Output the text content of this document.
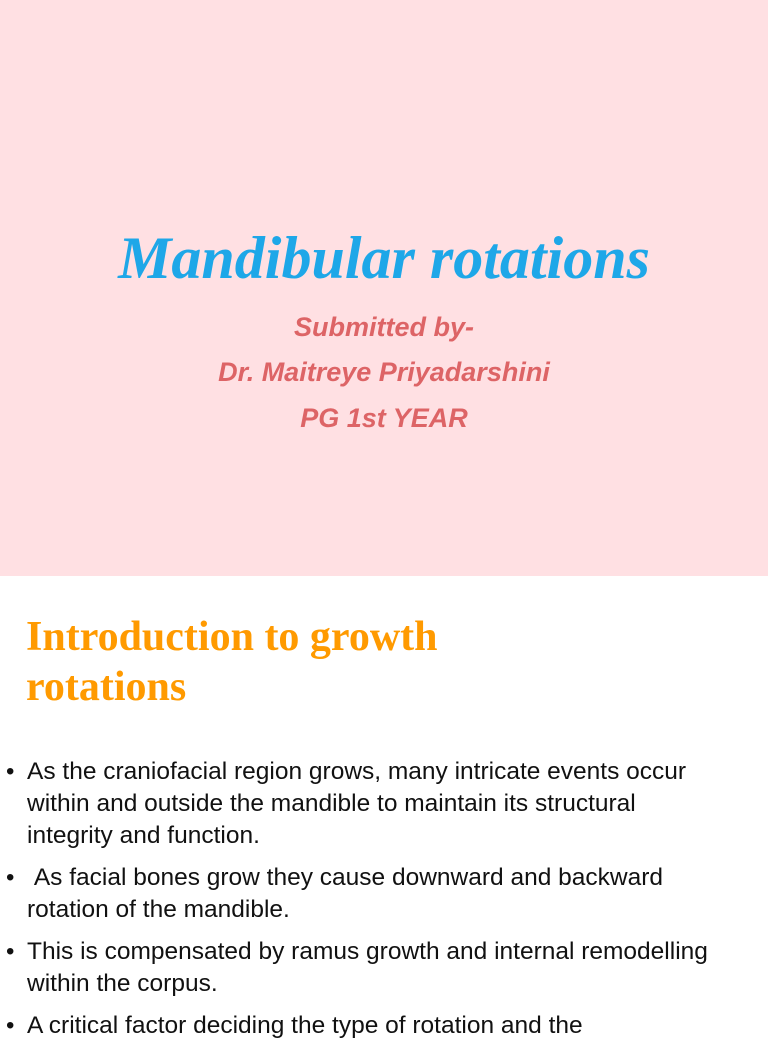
Mandibular rotations
Submitted by-
Dr. Maitreye Priyadarshini
PG 1st YEAR
Introduction to growth rotations
• As the craniofacial region grows, many intricate events occur within and outside the mandible to maintain its structural integrity and function.
• As facial bones grow they cause downward and backward rotation of the mandible.
• This is compensated by ramus growth and internal remodelling within the corpus.
• A critical factor deciding the type of rotation and the
